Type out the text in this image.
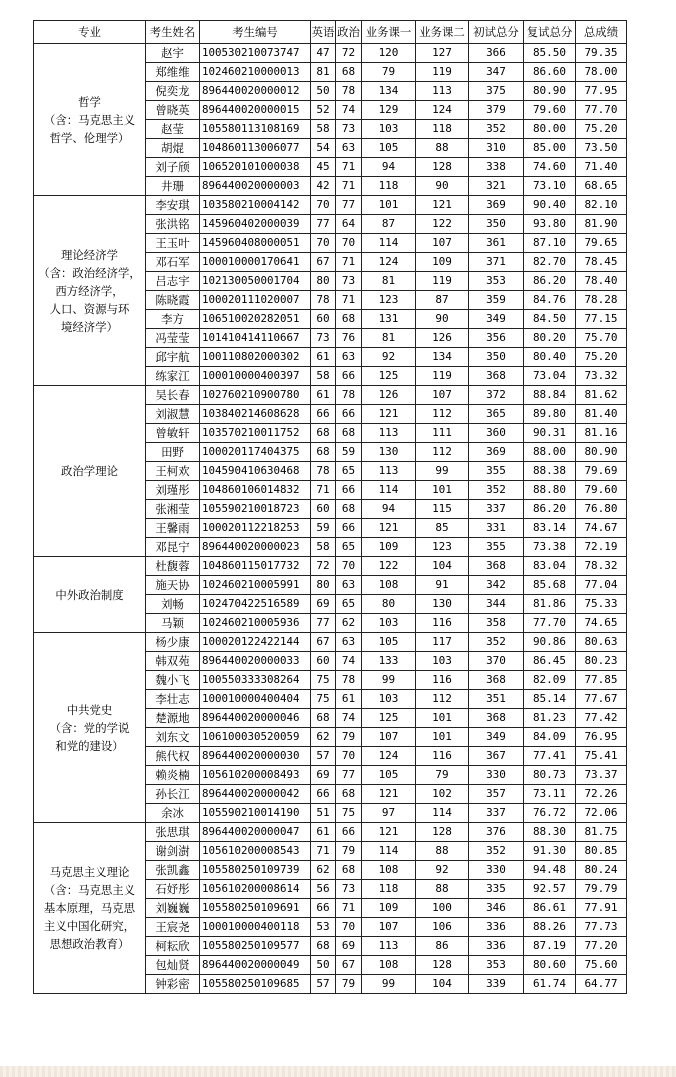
专业	考生姓名	考生编号	英语	政治	业务课一	业务课二	初试总分	复试总分	总成绩

哲学
（含：马克思主义
哲学、伦理学）	赵宇	100530210073747	47	72	120	127	366	85.50	79.35
	郑维维	102460210000013	81	68	79	119	347	86.60	78.00
	倪奕龙	896440020000012	50	78	134	113	375	80.90	77.95
	曾晓英	896440020000015	52	74	129	124	379	79.60	77.70
	赵莹	105580113108169	58	73	103	118	352	80.00	75.20
	胡焜	104860113006077	54	63	105	88	310	85.00	73.50
	刘子颀	106520101000038	45	71	94	128	338	74.60	71.40
	井珊	896440020000003	42	71	118	90	321	73.10	68.65

理论经济学
（含：政治经济学，
西方经济学，
人口、资源与环
境经济学）	李安琪	103580210004142	70	77	101	121	369	90.40	82.10
	张洪铭	145960402000039	77	64	87	122	350	93.80	81.90
	王玉叶	145960408000051	70	70	114	107	361	87.10	79.65
	邓石军	100010000170641	67	71	124	109	371	82.70	78.45
	吕志宇	102130050001704	80	73	81	119	353	86.20	78.40
	陈晓霞	100020111020007	78	71	123	87	359	84.76	78.28
	李方	106510020282051	60	68	131	90	349	84.50	77.15
	冯莹莹	101410414110667	73	76	81	126	356	80.20	75.70
	邱宇航	100110802000302	61	63	92	134	350	80.40	75.20
	练家江	100010000400397	58	66	125	119	368	73.04	73.32

政治学理论	吴长春	102760210900780	61	78	126	107	372	88.84	81.62
	刘淑慧	103840214608628	66	66	121	112	365	89.80	81.40
	曾敏轩	103570210011752	68	68	113	111	360	90.31	81.16
	田野	100020117404375	68	59	130	112	369	88.00	80.90
	王柯欢	104590410630468	78	65	113	99	355	88.38	79.69
	刘瑾彤	104860106014832	71	66	114	101	352	88.80	79.60
	张湘莹	105590210018723	60	68	94	115	337	86.20	76.80
	王馨雨	100020112218253	59	66	121	85	331	83.14	74.67
	邓昆宁	896440020000023	58	65	109	123	355	73.38	72.19

中外政治制度	杜馥蓉	104860115017732	72	70	122	104	368	83.04	78.32
	施天协	102460210005991	80	63	108	91	342	85.68	77.04
	刘畅	102470422516589	69	65	80	130	344	81.86	75.33
	马颖	102460210005936	77	62	103	116	358	77.70	74.65

中共党史
（含：党的学说
和党的建设）	杨少康	100020122422144	67	63	105	117	352	90.86	80.63
	韩双苑	896440020000033	60	74	133	103	370	86.45	80.23
	魏小飞	100550333308264	75	78	99	116	368	82.09	77.85
	李壮志	100010000400404	75	61	103	112	351	85.14	77.67
	楚源地	896440020000046	68	74	125	101	368	81.23	77.42
	刘东文	106100030520059	62	79	107	101	349	84.09	76.95
	熊代权	896440020000030	57	70	124	116	367	77.41	75.41
	赖炎楠	105610200008493	69	77	105	79	330	80.73	73.37
	孙长江	896440020000042	66	68	121	102	357	73.11	72.26
	余冰	105590210014190	51	75	97	114	337	76.72	72.06

马克思主义理论
（含：马克思主义
基本原理，马克思
主义中国化研究，
思想政治教育）	张思琪	896440020000047	61	66	121	128	376	88.30	81.75
	谢剑澍	105610200008543	71	79	114	88	352	91.30	80.85
	张凯鑫	105580250109739	62	68	108	92	330	94.48	80.24
	石妤彤	105610200008614	56	73	118	88	335	92.57	79.79
	刘巍巍	105580250109691	66	71	109	100	346	86.61	77.91
	王宸尧	100010000400118	53	70	107	106	336	88.26	77.73
	柯耘欣	105580250109577	68	69	113	86	336	87.19	77.20
	包灿贤	896440020000049	50	67	108	128	353	80.60	75.60
	钟彩密	105580250109685	57	79	99	104	339	61.74	64.77
